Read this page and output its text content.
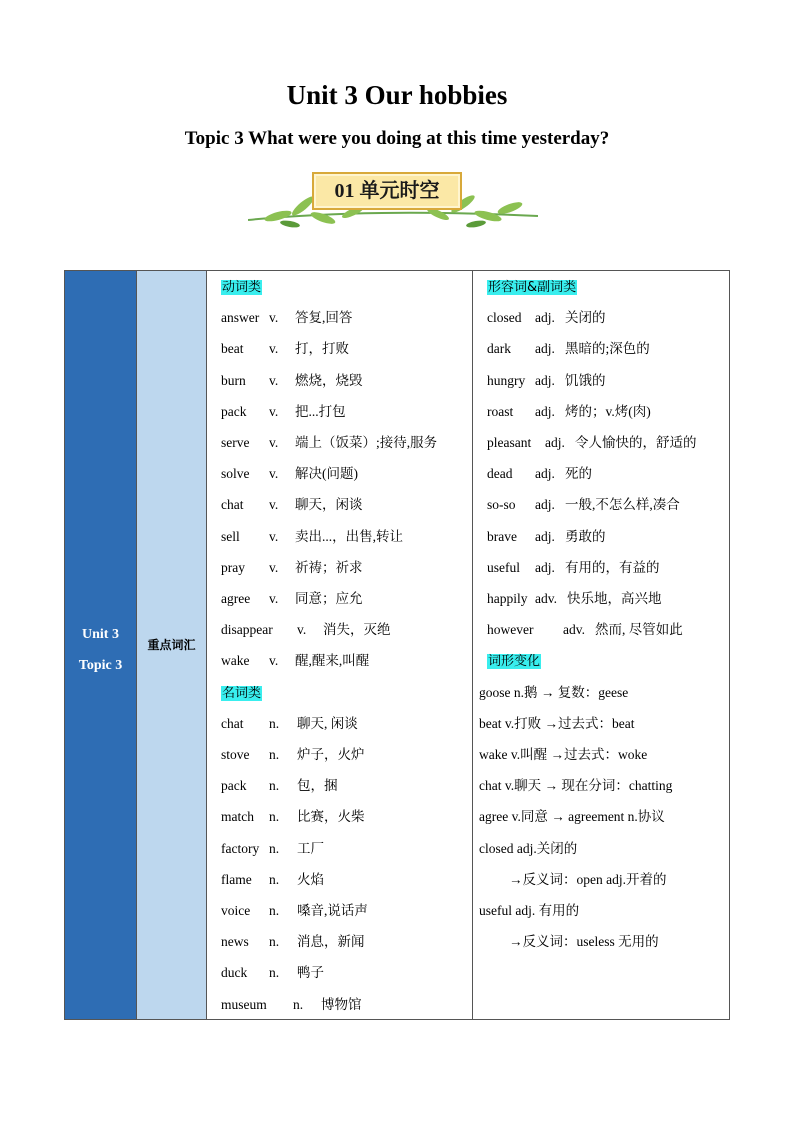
Unit 3 Our hobbies
Topic 3 What were you doing at this time yesterday?
01 单元时空
Unit 3
Topic 3
重点词汇
动词类
answer v. 答复,回答
beat v. 打，打败
burn v. 燃烧，烧毁
pack v. 把...打包
serve v. 端上（饭菜）;接待,服务
solve v. 解决(问题)
chat v. 聊天，闲谈
sell v. 卖出...，出售,转让
pray v. 祈祷；祈求
agree v. 同意；应允
disappear v. 消失，灭绝
wake v. 醒,醒来,叫醒
名词类
chat n. 聊天, 闲谈
stove n. 炉子，火炉
pack n. 包，捆
match n. 比赛，火柴
factory n. 工厂
flame n. 火焰
voice n. 嗓音,说话声
news n. 消息，新闻
duck n. 鸭子
museum n. 博物馆
形容词&副词类
closed adj. 关闭的
dark adj. 黑暗的;深色的
hungry adj. 饥饿的
roast adj. 烤的；v.烤(肉)
pleasant adj. 令人愉快的，舒适的
dead adj. 死的
so-so adj. 一般,不怎么样,凑合
brave adj. 勇敢的
useful adj. 有用的，有益的
happily adv. 快乐地，高兴地
however adv. 然而, 尽管如此
词形变化
goose n.鹅 → 复数：geese
beat v.打败 →过去式：beat
wake v.叫醒 →过去式：woke
chat v.聊天 → 现在分词：chatting
agree v.同意 → agreement n.协议
closed adj.关闭的
→反义词：open adj.开着的
useful adj. 有用的
→反义词：useless 无用的
